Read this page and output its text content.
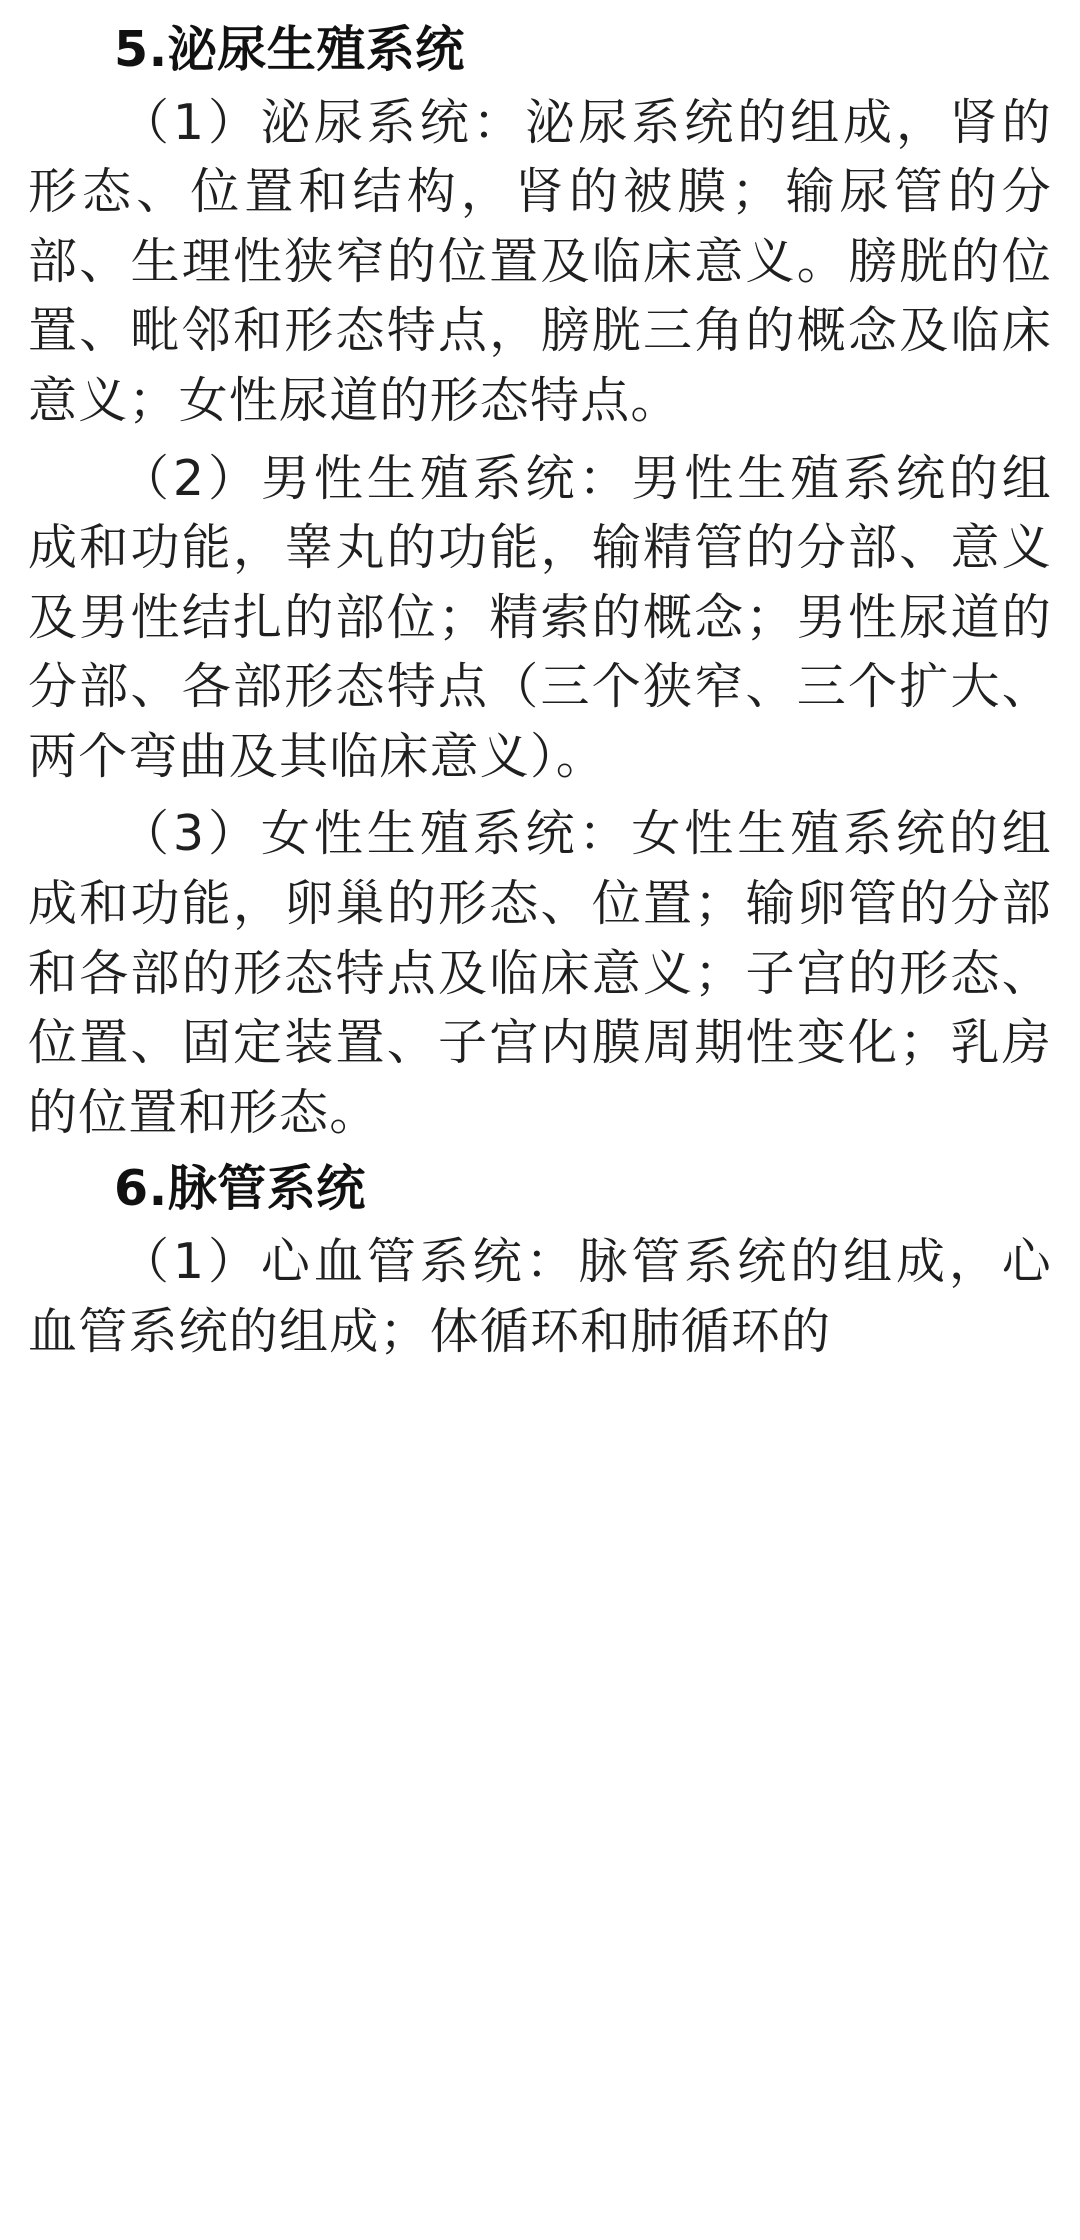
5.泌尿生殖系统

（1）泌尿系统：泌尿系统的组成，肾的形态、位置和结构，肾的被膜；输尿管的分部、生理性狭窄的位置及临床意义。膀胱的位置、毗邻和形态特点，膀胱三角的概念及临床意义；女性尿道的形态特点。

（2）男性生殖系统：男性生殖系统的组成和功能，睾丸的功能，输精管的分部、意义及男性结扎的部位；精索的概念；男性尿道的分部、各部形态特点（三个狭窄、三个扩大、两个弯曲及其临床意义）。

（3）女性生殖系统：女性生殖系统的组成和功能，卵巢的形态、位置；输卵管的分部和各部的形态特点及临床意义；子宫的形态、位置、固定装置、子宫内膜周期性变化；乳房的位置和形态。

6.脉管系统

（1）心血管系统：脉管系统的组成，心血管系统的组成；体循环和肺循环的
